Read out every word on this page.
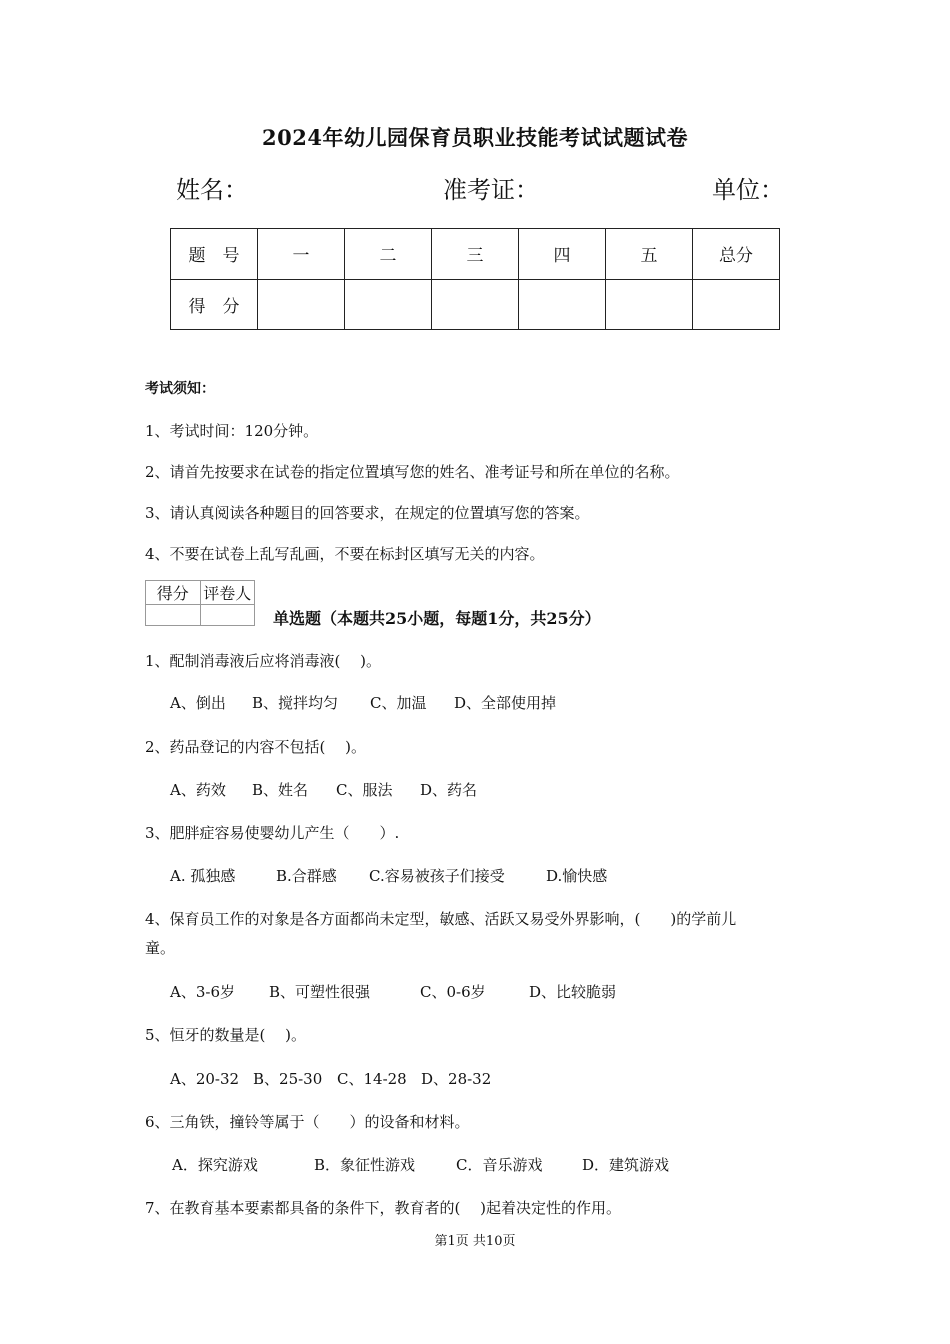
2024年幼儿园保育员职业技能考试试题试卷
姓名：	准考证：	单位：
题　号	一	二	三	四	五	总分
得　分						
考试须知：
1、考试时间：120分钟。
2、请首先按要求在试卷的指定位置填写您的姓名、准考证号和所在单位的名称。
3、请认真阅读各种题目的回答要求，在规定的位置填写您的答案。
4、不要在试卷上乱写乱画，不要在标封区填写无关的内容。
得分	评卷人

单选题（本题共25小题，每题1分，共25分）
1、配制消毒液后应将消毒液(　 )。
A、倒出 B、搅拌均匀 C、加温 D、全部使用掉
2、药品登记的内容不包括(　 )。
A、药效 B、姓名 C、服法 D、药名
3、肥胖症容易使婴幼儿产生（　　）.
A. 孤独感	B.合群感 C.容易被孩子们接受	D.愉快感
4、保育员工作的对象是各方面都尚未定型，敏感、活跃又易受外界影响，(　　)的学前儿
童。
A、3-6岁 B、可塑性很强	C、0-6岁	D、比较脆弱
5、恒牙的数量是(　 )。
A、20-32 B、25-30 C、14-28 D、28-32
6、三角铁，撞铃等属于（　　）的设备和材料。
A．探究游戏	B．象征性游戏	C．音乐游戏	D．建筑游戏
7、在教育基本要素都具备的条件下，教育者的(　 )起着决定性的作用。
第1页 共10页
